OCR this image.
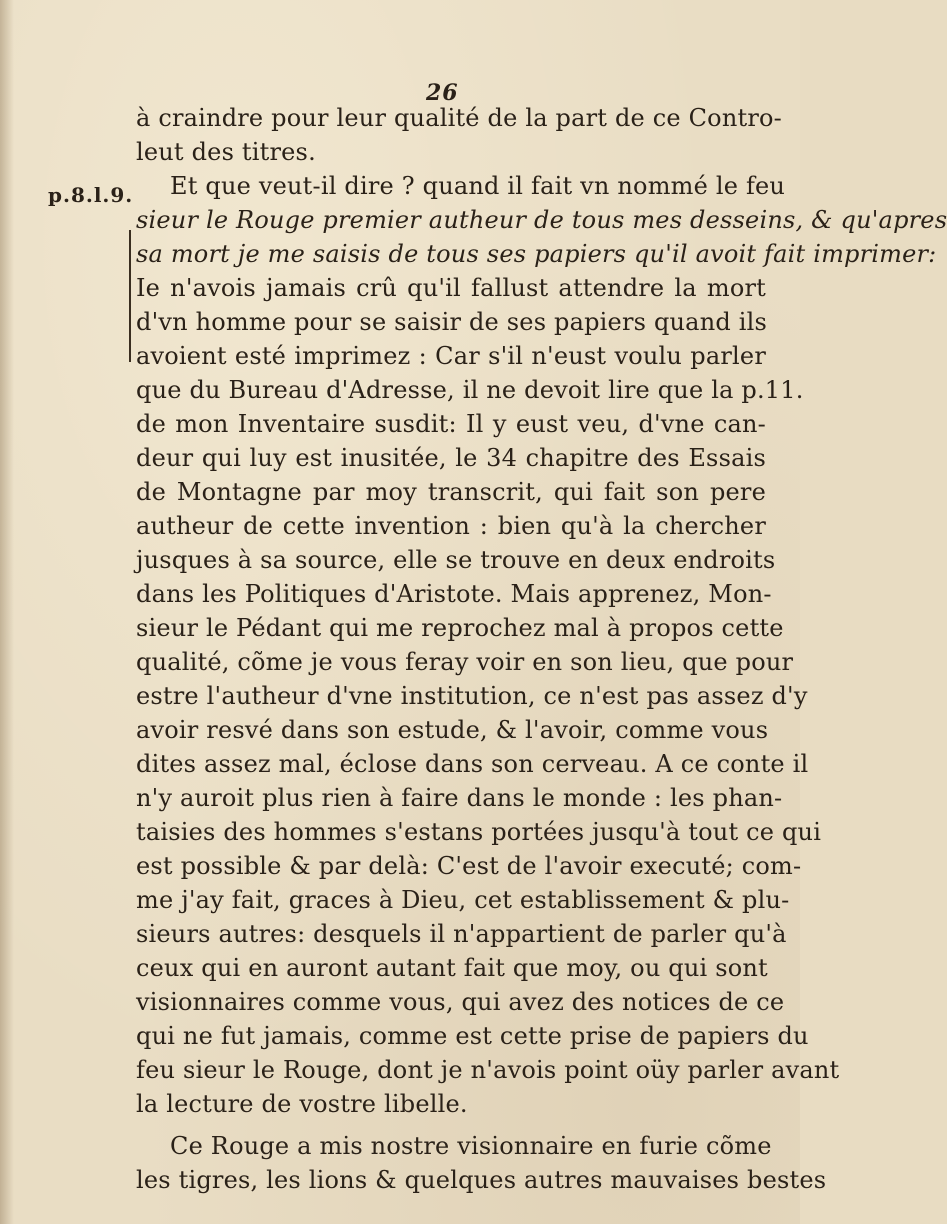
26
p.8.l.9.
à craindre pour leur qualité de la part de ce Contro-
leut des titres.
Et que veut-il dire ? quand il fait vn nommé le feu
sieur le Rouge premier autheur de tous mes desseins, & qu'apres
sa mort je me saisis de tous ses papiers qu'il avoit fait imprimer:
Ie n'avois jamais crû qu'il fallust attendre la mort
d'vn homme pour se saisir de ses papiers quand ils
avoient esté imprimez : Car s'il n'eust voulu parler
que du Bureau d'Adresse, il ne devoit lire que la p.11.
de mon Inventaire susdit: Il y eust veu, d'vne can-
deur qui luy est inusitée, le 34 chapitre des Essais
de Montagne par moy transcrit, qui fait son pere
autheur de cette invention : bien qu'à la chercher
jusques à sa source, elle se trouve en deux endroits
dans les Politiques d'Aristote. Mais apprenez, Mon-
sieur le Pédant qui me reprochez mal à propos cette
qualité, cõme je vous feray voir en son lieu, que pour
estre l'autheur d'vne institution, ce n'est pas assez d'y
avoir resvé dans son estude, & l'avoir, comme vous
dites assez mal, éclose dans son cerveau. A ce conte il
n'y auroit plus rien à faire dans le monde : les phan-
taisies des hommes s'estans portées jusqu'à tout ce qui
est possible & par delà: C'est de l'avoir executé; com-
me j'ay fait, graces à Dieu, cet establissement & plu-
sieurs autres: desquels il n'appartient de parler qu'à
ceux qui en auront autant fait que moy, ou qui sont
visionnaires comme vous, qui avez des notices de ce
qui ne fut jamais, comme est cette prise de papiers du
feu sieur le Rouge, dont je n'avois point oüy parler avant
la lecture de vostre libelle.
Ce Rouge a mis nostre visionnaire en furie cõme
les tigres, les lions & quelques autres mauvaises bestes
